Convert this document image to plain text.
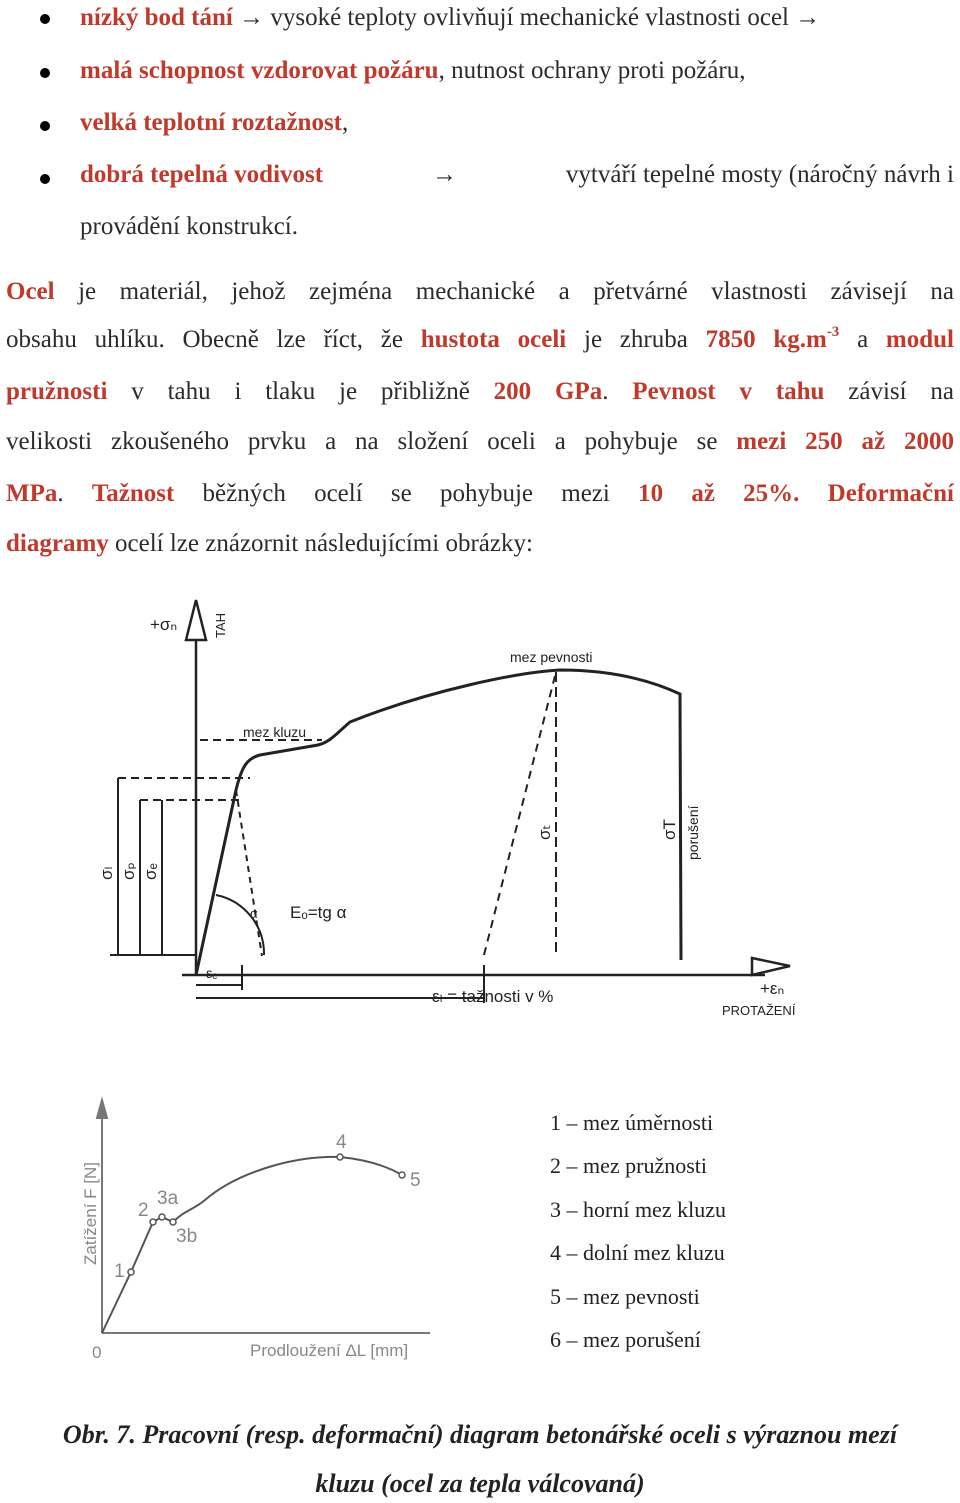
nízký bod tání → vysoké teploty ovlivňují mechanické vlastnosti ocel →
malá schopnost vzdorovat požáru, nutnost ochrany proti požáru,
velká teplotní roztažnost,
dobrá tepelná vodivost	→	vytváří tepelné mosty (náročný návrh i
provádění konstrukcí.
Ocel je materiál, jehož zejména mechanické a přetvárné vlastnosti závisejí na
obsahu uhlíku. Obecně lze říct, že hustota oceli je zhruba 7850 $kg.m^{-3}$ a modul
pružnosti v tahu i tlaku je přibližně 200 GPa. Pevnost v tahu závisí na
velikosti zkoušeného prvku a na složení oceli a pohybuje se mezi 250 až 2000
MPa. Tažnost běžných ocelí se pohybuje mezi 10 až 25%. Deformační
diagramy ocelí lze znázornit následujícími obrázky:
+σₙ	TAH
mez pevnosti
mez kluzu
σₗ σₚ σₑ
Eₒ=tg α
α
σₜ	σT porušení
εₑ
εₗ = tažnosti v %	+εₙ
PROTAŽENÍ
Zatížení F [N]
Prodloužení ΔL [mm]
0
1
2
3a
3b
4
5
1 – mez úměrnosti
2 – mez pružnosti
3 – horní mez kluzu
4 – dolní mez kluzu
5 – mez pevnosti
6 – mez porušení
Obr. 7. Pracovní (resp. deformační) diagram betonářské oceli s výraznou mezí
kluzu (ocel za tepla válcovaná)
